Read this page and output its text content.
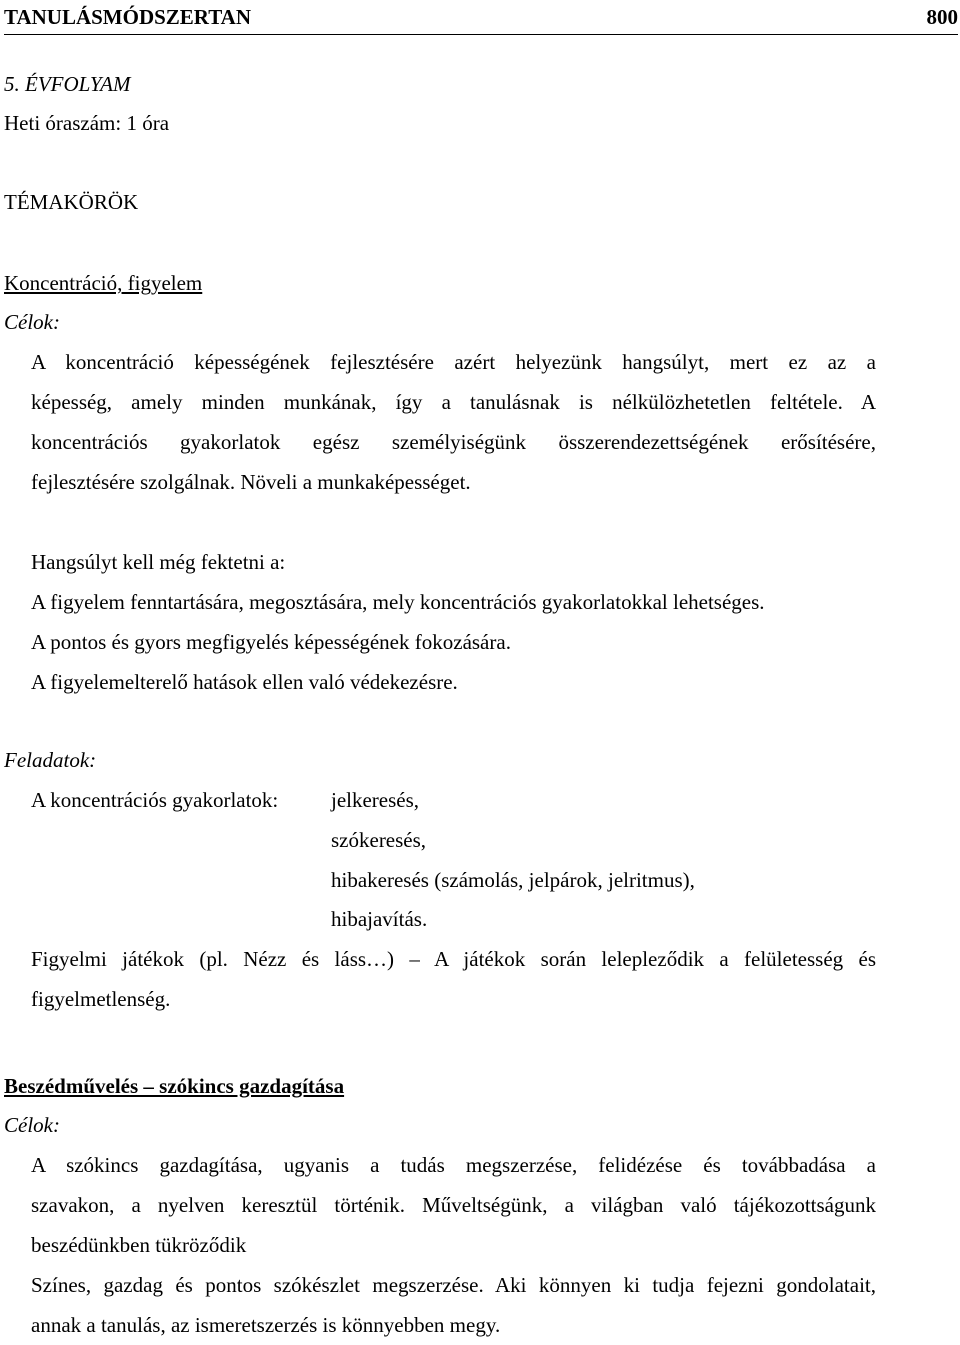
TANULÁSMÓDSZERTAN	800
5. ÉVFOLYAM
Heti óraszám: 1 óra
TÉMAKÖRÖK
Koncentráció, figyelem
Célok:
A koncentráció képességének fejlesztésére azért helyezünk hangsúlyt, mert ez az a
képesség, amely minden munkának, így a tanulásnak is nélkülözhetetlen feltétele. A
koncentrációs gyakorlatok egész személyiségünk összerendezettségének erősítésére,
fejlesztésére szolgálnak. Növeli a munkaképességet.
Hangsúlyt kell még fektetni a:
A figyelem fenntartására, megosztására, mely koncentrációs gyakorlatokkal lehetséges.
A pontos és gyors megfigyelés képességének fokozására.
A figyelemelterelő hatások ellen való védekezésre.
Feladatok:
A koncentrációs gyakorlatok:	jelkeresés,
szókeresés,
hibakeresés (számolás, jelpárok, jelritmus),
hibajavítás.
Figyelmi játékok (pl. Nézz és láss…) – A játékok során lelepleződik a felületesség és
figyelmetlenség.
Beszédművelés – szókincs gazdagítása
Célok:
A szókincs gazdagítása, ugyanis a tudás megszerzése, felidézése és továbbadása a
szavakon, a nyelven keresztül történik. Műveltségünk, a világban való tájékozottságunk
beszédünkben tükröződik
Színes, gazdag és pontos szókészlet megszerzése. Aki könnyen ki tudja fejezni gondolatait,
annak a tanulás, az ismeretszerzés is könnyebben megy.
